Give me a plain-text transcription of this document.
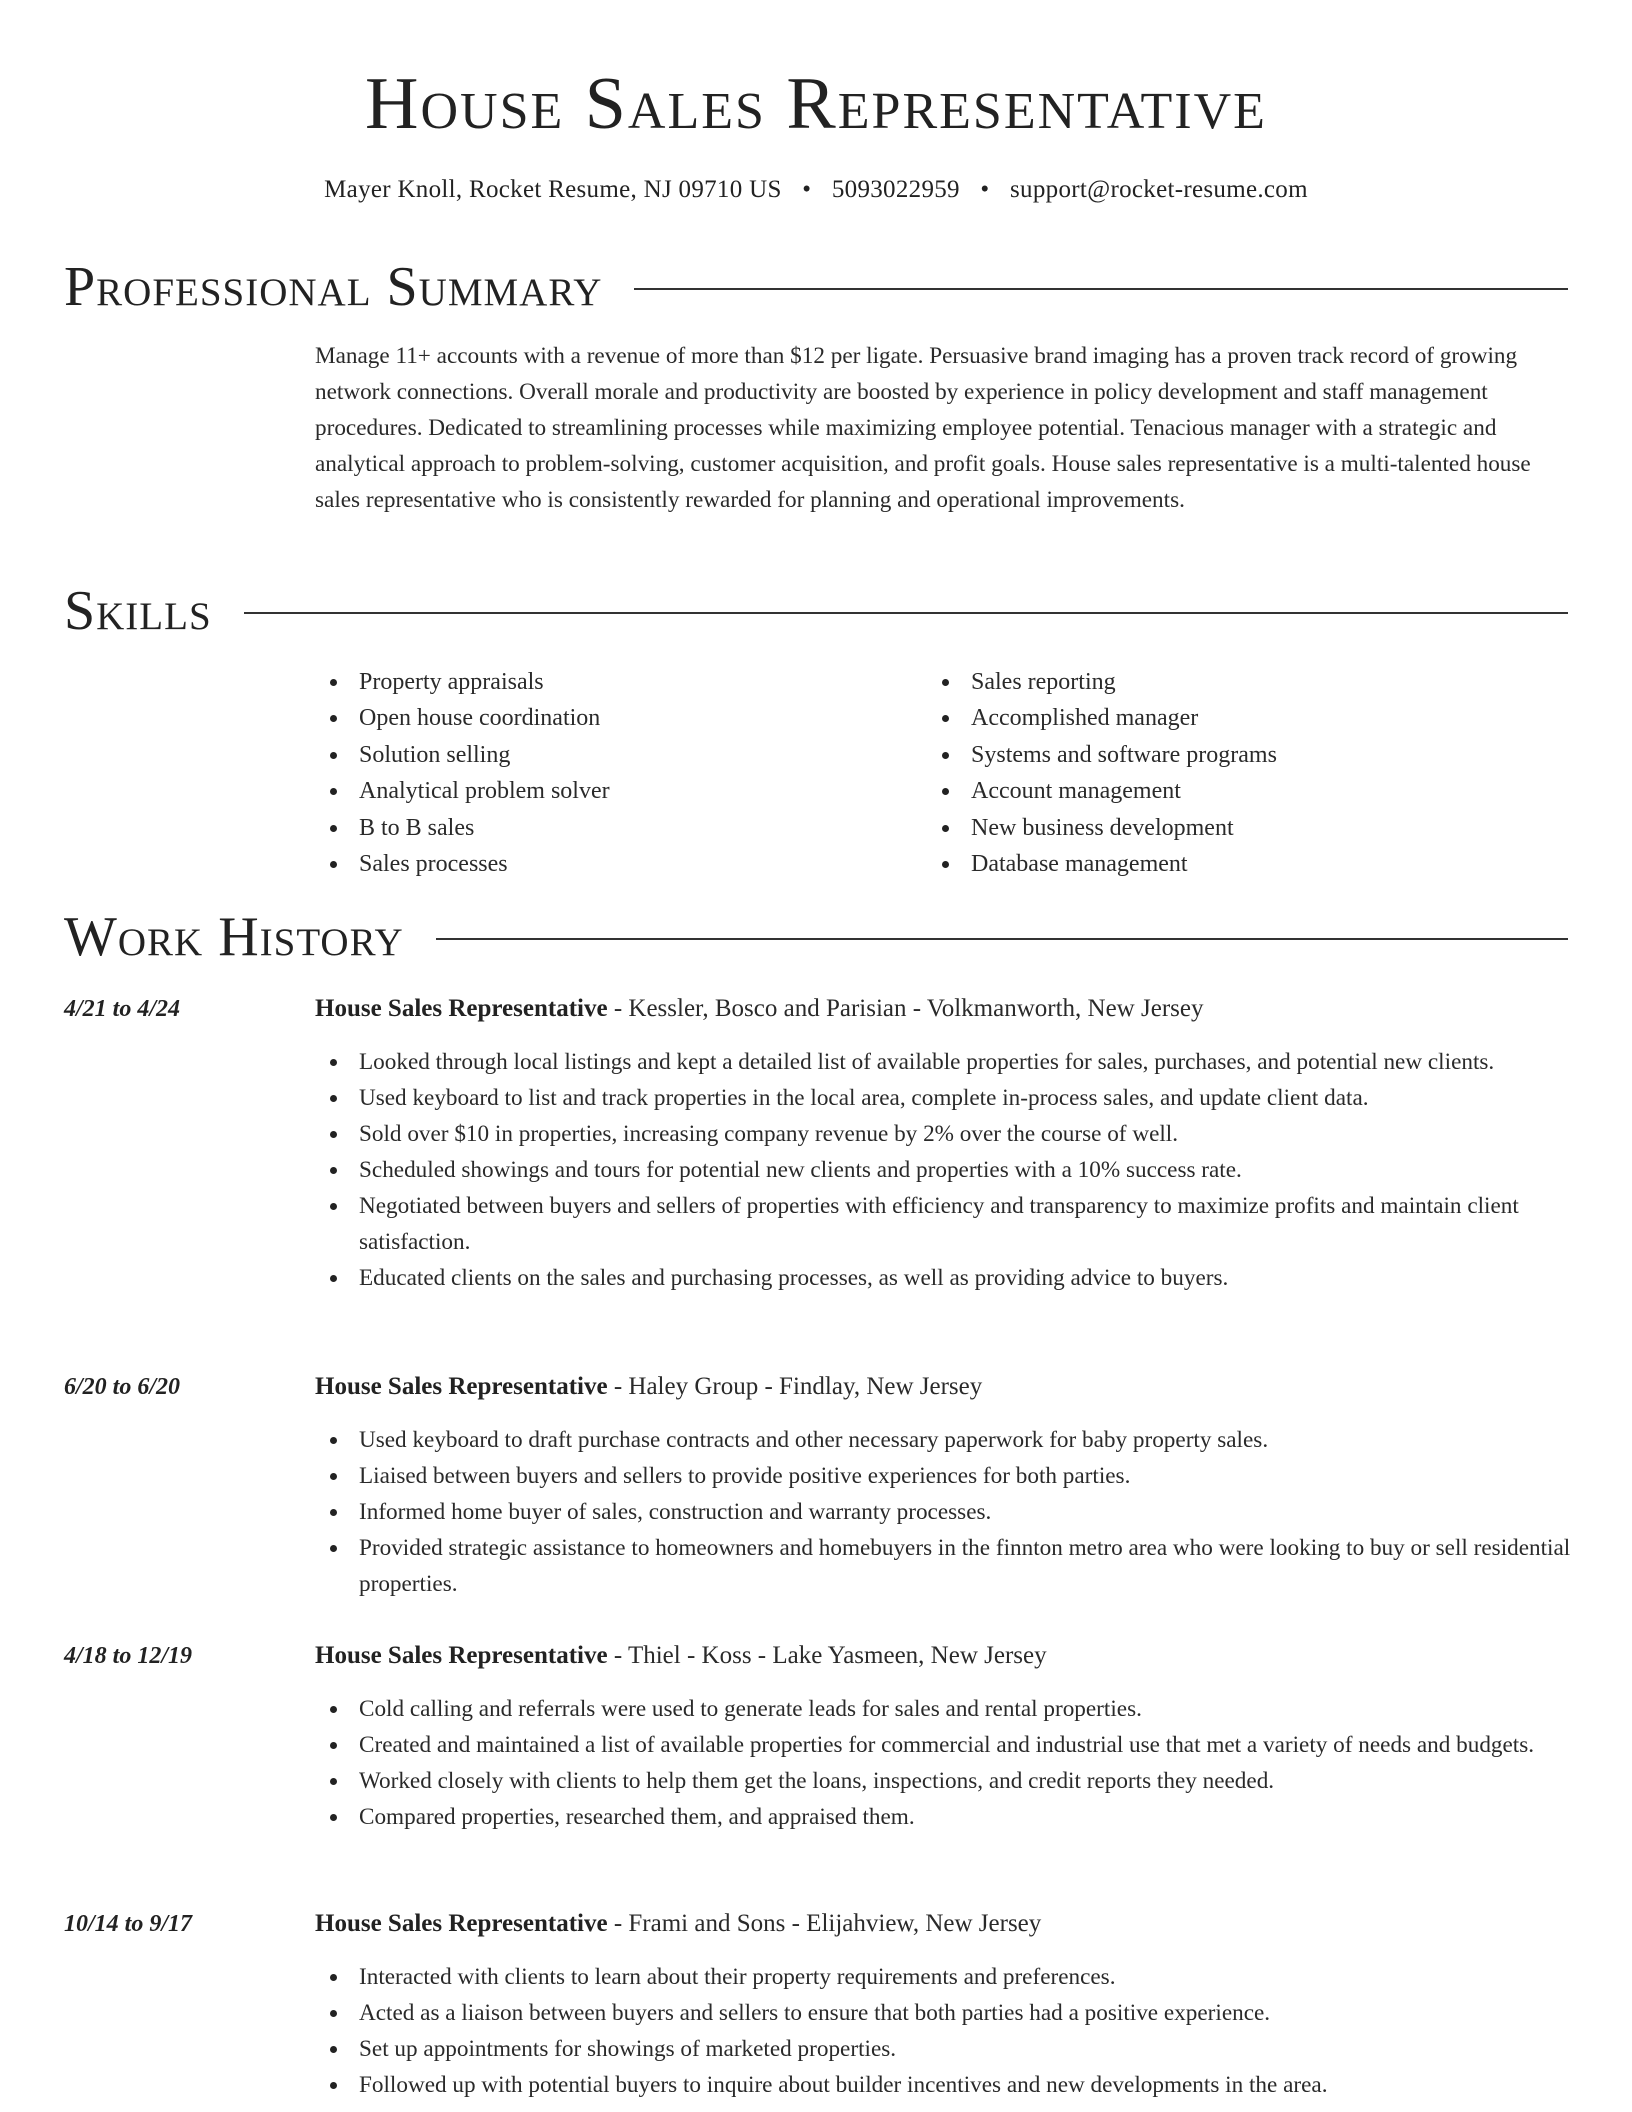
House Sales Representative
Mayer Knoll, Rocket Resume, NJ 09710 US • 5093022959 • support@rocket-resume.com
Professional Summary
Manage 11+ accounts with a revenue of more than $12 per ligate. Persuasive brand imaging has a proven track record of growing network connections. Overall morale and productivity are boosted by experience in policy development and staff management procedures. Dedicated to streamlining processes while maximizing employee potential. Tenacious manager with a strategic and analytical approach to problem-solving, customer acquisition, and profit goals. House sales representative is a multi-talented house sales representative who is consistently rewarded for planning and operational improvements.
Skills
Property appraisals
Open house coordination
Solution selling
Analytical problem solver
B to B sales
Sales processes
Sales reporting
Accomplished manager
Systems and software programs
Account management
New business development
Database management
Work History
4/21 to 4/24	House Sales Representative - Kessler, Bosco and Parisian - Volkmanworth, New Jersey
Looked through local listings and kept a detailed list of available properties for sales, purchases, and potential new clients.
Used keyboard to list and track properties in the local area, complete in-process sales, and update client data.
Sold over $10 in properties, increasing company revenue by 2% over the course of well.
Scheduled showings and tours for potential new clients and properties with a 10% success rate.
Negotiated between buyers and sellers of properties with efficiency and transparency to maximize profits and maintain client satisfaction.
Educated clients on the sales and purchasing processes, as well as providing advice to buyers.
6/20 to 6/20	House Sales Representative - Haley Group - Findlay, New Jersey
Used keyboard to draft purchase contracts and other necessary paperwork for baby property sales.
Liaised between buyers and sellers to provide positive experiences for both parties.
Informed home buyer of sales, construction and warranty processes.
Provided strategic assistance to homeowners and homebuyers in the finnton metro area who were looking to buy or sell residential properties.
4/18 to 12/19	House Sales Representative - Thiel - Koss - Lake Yasmeen, New Jersey
Cold calling and referrals were used to generate leads for sales and rental properties.
Created and maintained a list of available properties for commercial and industrial use that met a variety of needs and budgets.
Worked closely with clients to help them get the loans, inspections, and credit reports they needed.
Compared properties, researched them, and appraised them.
10/14 to 9/17	House Sales Representative - Frami and Sons - Elijahview, New Jersey
Interacted with clients to learn about their property requirements and preferences.
Acted as a liaison between buyers and sellers to ensure that both parties had a positive experience.
Set up appointments for showings of marketed properties.
Followed up with potential buyers to inquire about builder incentives and new developments in the area.
